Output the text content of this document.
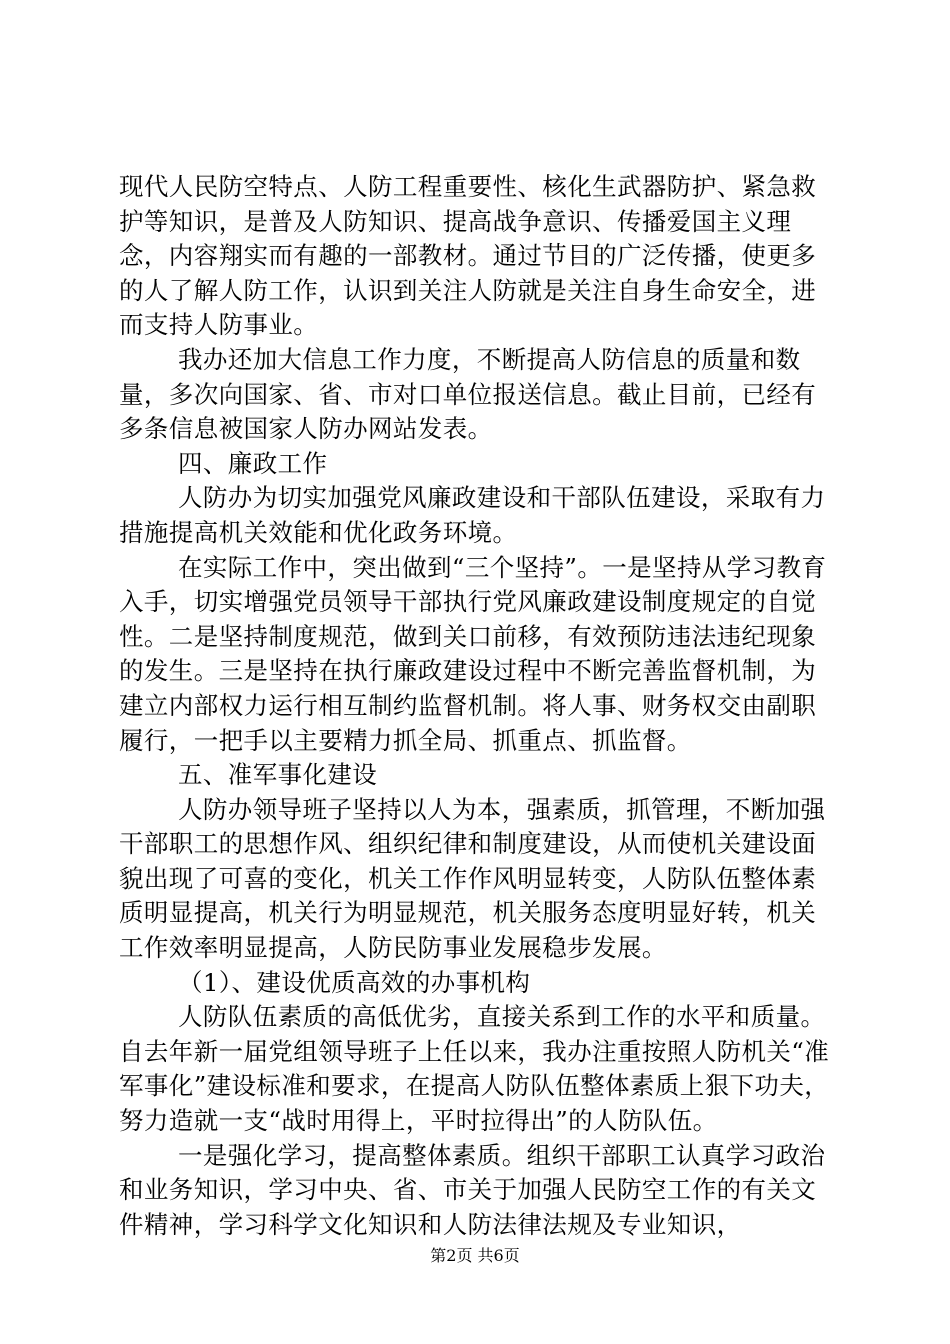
现代人民防空特点、人防工程重要性、核化生武器防护、紧急救护等知识，是普及人防知识、提高战争意识、传播爱国主义理念，内容翔实而有趣的一部教材。通过节目的广泛传播，使更多的人了解人防工作，认识到关注人防就是关注自身生命安全，进而支持人防事业。

我办还加大信息工作力度，不断提高人防信息的质量和数量，多次向国家、省、市对口单位报送信息。截止目前，已经有多条信息被国家人防办网站发表。

四、廉政工作

人防办为切实加强党风廉政建设和干部队伍建设，采取有力措施提高机关效能和优化政务环境。

在实际工作中，突出做到“三个坚持”。一是坚持从学习教育入手，切实增强党员领导干部执行党风廉政建设制度规定的自觉性。二是坚持制度规范，做到关口前移，有效预防违法违纪现象的发生。三是坚持在执行廉政建设过程中不断完善监督机制，为建立内部权力运行相互制约监督机制。将人事、财务权交由副职履行，一把手以主要精力抓全局、抓重点、抓监督。

五、准军事化建设

人防办领导班子坚持以人为本，强素质，抓管理，不断加强干部职工的思想作风、组织纪律和制度建设，从而使机关建设面貌出现了可喜的变化，机关工作作风明显转变，人防队伍整体素质明显提高，机关行为明显规范，机关服务态度明显好转，机关工作效率明显提高，人防民防事业发展稳步发展。

（1）、建设优质高效的办事机构

人防队伍素质的高低优劣，直接关系到工作的水平和质量。自去年新一届党组领导班子上任以来，我办注重按照人防机关“准军事化”建设标准和要求，在提高人防队伍整体素质上狠下功夫，努力造就一支“战时用得上，平时拉得出”的人防队伍。

一是强化学习，提高整体素质。组织干部职工认真学习政治和业务知识，学习中央、省、市关于加强人民防空工作的有关文件精神，学习科学文化知识和人防法律法规及专业知识，

第2页 共6页
